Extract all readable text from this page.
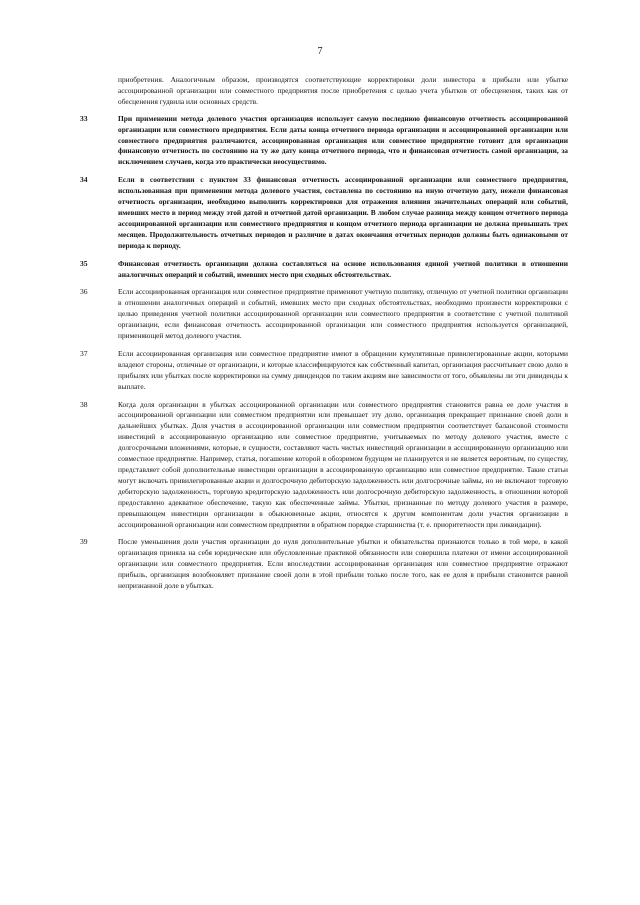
7

приобретения. Аналогичным образом, производятся соответствующие корректировки доли инвестора в прибыли или убытке ассоциированной организации или совместного предприятия после приобретения с целью учета убытков от обесценения, таких как от обесценения гудвила или основных средств.

33	При применении метода долевого участия организация использует самую последнюю финансовую отчетность ассоциированной организации или совместного предприятия. Если даты конца отчетного периода организации и ассоциированной организации или совместного предприятия различаются, ассоциированная организация или совместное предприятие готовит для организации финансовую отчетность по состоянию на ту же дату конца отчетного периода, что и финансовая отчетность самой организации, за исключением случаев, когда это практически неосуществимо.
34	Если в соответствии с пунктом 33 финансовая отчетность ассоциированной организации или совместного предприятия, использованная при применении метода долевого участия, составлена по состоянию на иную отчетную дату, нежели финансовая отчетность организации, необходимо выполнить корректировки для отражения влияния значительных операций или событий, имевших место в период между этой датой и отчетной датой организации. В любом случае разница между концом отчетного периода ассоциированной организации или совместного предприятия и концом отчетного периода организации не должна превышать трех месяцев. Продолжительность отчетных периодов и различие в датах окончания отчетных периодов должны быть одинаковыми от периода к периоду.
35	Финансовая отчетность организации должна составляться на основе использования единой учетной политики в отношении аналогичных операций и событий, имевших место при сходных обстоятельствах.
36	Если ассоциированная организация или совместное предприятие применяют учетную политику, отличную от учетной политики организации в отношении аналогичных операций и событий, имевших место при сходных обстоятельствах, необходимо произвести корректировки с целью приведения учетной политики ассоциированной организации или совместного предприятия в соответствие с учетной политикой организации, если финансовая отчетность ассоциированной организации или совместного предприятия используется организацией, применяющей метод долевого участия.
37	Если ассоциированная организация или совместное предприятие имеют в обращении кумулятивные привилегированные акции, которыми владеют стороны, отличные от организации, и которые классифицируются как собственный капитал, организация рассчитывает свою долю в прибылях или убытках после корректировки на сумму дивидендов по таким акциям вне зависимости от того, объявлены ли эти дивиденды к выплате.
38	Когда доля организации в убытках ассоциированной организации или совместного предприятия становится равна ее доле участия в ассоциированной организации или совместном предприятии или превышает эту долю, организация прекращает признание своей доли в дальнейших убытках. Доля участия в ассоциированной организации или совместном предприятии соответствует балансовой стоимости инвестиций в ассоциированную организацию или совместное предприятие, учитываемых по методу долевого участия, вместе с долгосрочными вложениями, которые, в сущности, составляют часть чистых инвестиций организации в ассоциированную организацию или совместное предприятие. Например, статья, погашение которой в обозримом будущем не планируется и не является вероятным, по существу, представляет собой дополнительные инвестиции организации в ассоциированную организацию или совместное предприятие. Такие статьи могут включать привилегированные акции и долгосрочную дебиторскую задолженность или долгосрочные займы, но не включают торговую дебиторскую задолженность, торговую кредиторскую задолженность или долгосрочную дебиторскую задолженность, в отношении которой предоставлено адекватное обеспечение, такую как обеспеченные займы. Убытки, признанные по методу долевого участия в размере, превышающем инвестиции организации в обыкновенные акции, относятся к другим компонентам доли участия организации в ассоциированной организации или совместном предприятии в обратном порядке старшинства (т. е. приоритетности при ликвидации).
39	После уменьшения доли участия организации до нуля дополнительные убытки и обязательства признаются только в той мере, в какой организация приняла на себя юридические или обусловленные практикой обязанности или совершила платежи от имени ассоциированной организации или совместного предприятия. Если впоследствии ассоциированная организация или совместное предприятие отражают прибыль, организация возобновляет признание своей доли в этой прибыли только после того, как ее доля в прибыли становится равной непризнанной доле в убытках.
